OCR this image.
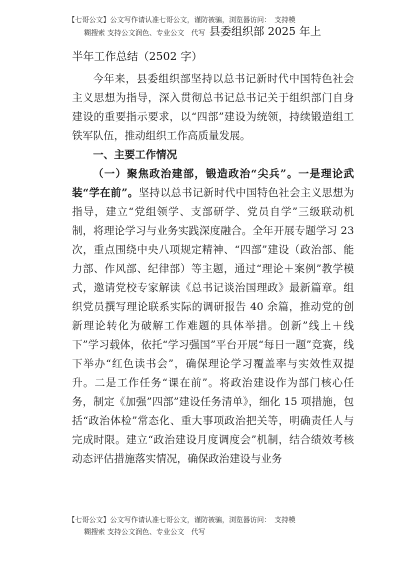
【七哥公文】公文写作请认准七哥公文，谨防被骗，浏览器访问：　支持模
糊搜索 支持公文润色、专业公文　代写 县委组织部 2025 年上
半年工作总结（2502 字）

今年来，县委组织部坚持以总书记新时代中国特色社会主义思想为指导，深入贯彻总书记总书记关于组织部门自身建设的重要指示要求，以“四部”建设为统领，持续锻造组工铁军队伍，推动组织工作高质量发展。

一、主要工作情况

（一）聚焦政治建部，锻造政治“尖兵”。一是理论武装“学在前”。坚持以总书记新时代中国特色社会主义思想为指导，建立“党组领学、支部研学、党员自学”三级联动机制，将理论学习与业务实践深度融合。全年开展专题学习 23 次，重点围绕中央八项规定精神、“四部”建设（政治部、能力部、作风部、纪律部）等主题，通过“理论＋案例”教学模式，邀请党校专家解读《总书记谈治国理政》最新篇章。组织党员撰写理论联系实际的调研报告 40 余篇，推动党的创新理论转化为破解工作难题的具体举措。创新”线上＋线下”学习载体，依托“学习强国”平台开展“每日一题”竞赛，线下举办“红色读书会”，确保理论学习覆盖率与实效性双提升。二是工作任务“课在前”。将政治建设作为部门核心任务，制定《加强”四部”建设任务清单》，细化 15 项措施，包括“政治体检”常态化、重大事项政治把关等，明确责任人与完成时限。建立“政治建设月度调度会”机制，结合绩效考核动态评估措施落实情况，确保政治建设与业务

【七哥公文】公文写作请认准七哥公文，谨防被骗，浏览器访问：　支持模
糊搜索 支持公文润色、专业公文　代写
